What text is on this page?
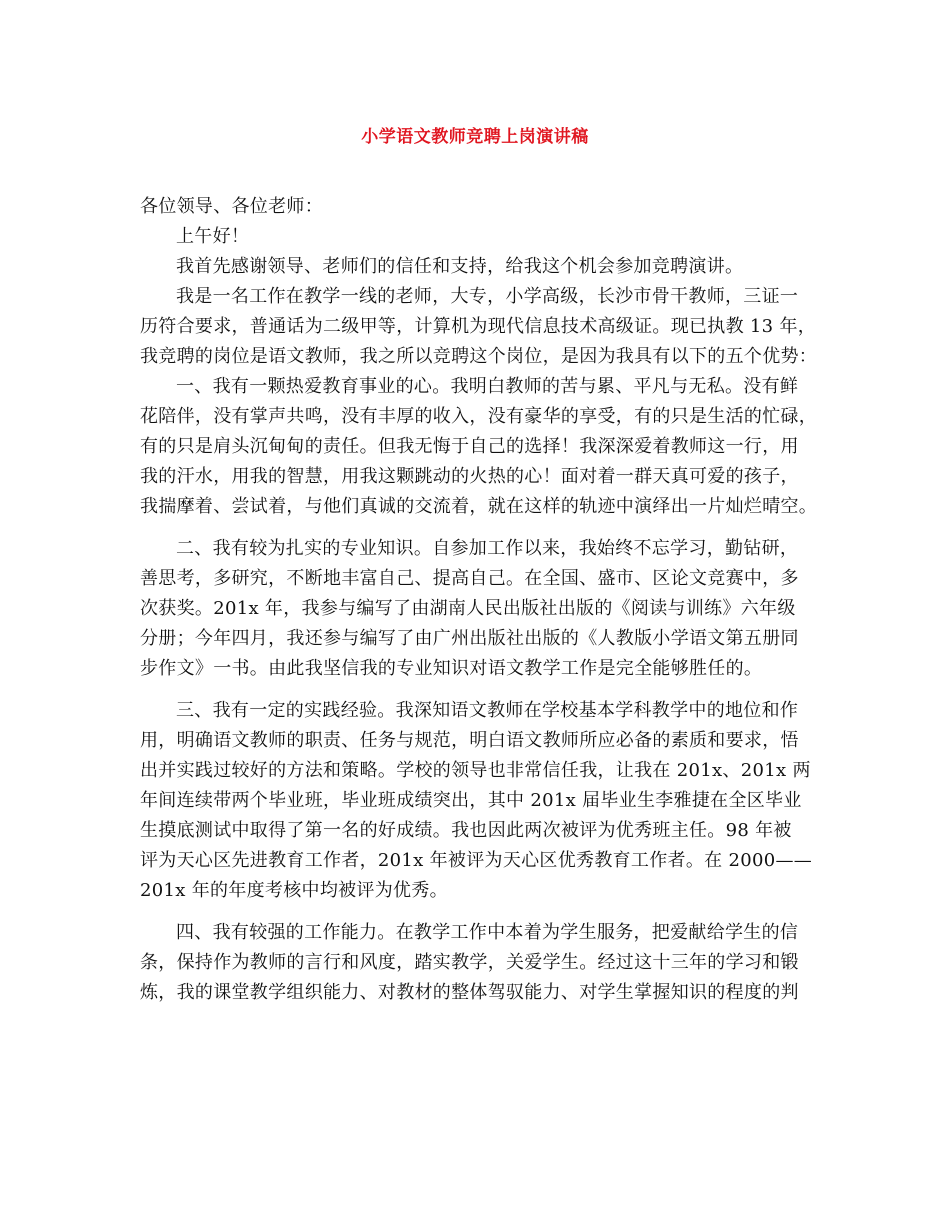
小学语文教师竞聘上岗演讲稿
各位领导、各位老师：
上午好！
我首先感谢领导、老师们的信任和支持，给我这个机会参加竞聘演讲。
我是一名工作在教学一线的老师，大专，小学高级，长沙市骨干教师，三证一
历符合要求，普通话为二级甲等，计算机为现代信息技术高级证。现已执教 13 年，
我竞聘的岗位是语文教师，我之所以竞聘这个岗位，是因为我具有以下的五个优势：
一、我有一颗热爱教育事业的心。我明白教师的苦与累、平凡与无私。没有鲜
花陪伴，没有掌声共鸣，没有丰厚的收入，没有豪华的享受，有的只是生活的忙碌，
有的只是肩头沉甸甸的责任。但我无悔于自己的选择！我深深爱着教师这一行，用
我的汗水，用我的智慧，用我这颗跳动的火热的心！面对着一群天真可爱的孩子，
我揣摩着、尝试着，与他们真诚的交流着，就在这样的轨迹中演绎出一片灿烂晴空。
二、我有较为扎实的专业知识。自参加工作以来，我始终不忘学习，勤钻研，
善思考，多研究，不断地丰富自己、提高自己。在全国、盛市、区论文竞赛中，多
次获奖。201x 年，我参与编写了由湖南人民出版社出版的《阅读与训练》六年级
分册；今年四月，我还参与编写了由广州出版社出版的《人教版小学语文第五册同
步作文》一书。由此我坚信我的专业知识对语文教学工作是完全能够胜任的。
三、我有一定的实践经验。我深知语文教师在学校基本学科教学中的地位和作
用，明确语文教师的职责、任务与规范，明白语文教师所应必备的素质和要求，悟
出并实践过较好的方法和策略。学校的领导也非常信任我，让我在 201x、201x 两
年间连续带两个毕业班，毕业班成绩突出，其中 201x 届毕业生李雅捷在全区毕业
生摸底测试中取得了第一名的好成绩。我也因此两次被评为优秀班主任。98 年被
评为天心区先进教育工作者，201x 年被评为天心区优秀教育工作者。在 2000——
201x 年的年度考核中均被评为优秀。
四、我有较强的工作能力。在教学工作中本着为学生服务，把爱献给学生的信
条，保持作为教师的言行和风度，踏实教学，关爱学生。经过这十三年的学习和锻
炼，我的课堂教学组织能力、对教材的整体驾驭能力、对学生掌握知识的程度的判
